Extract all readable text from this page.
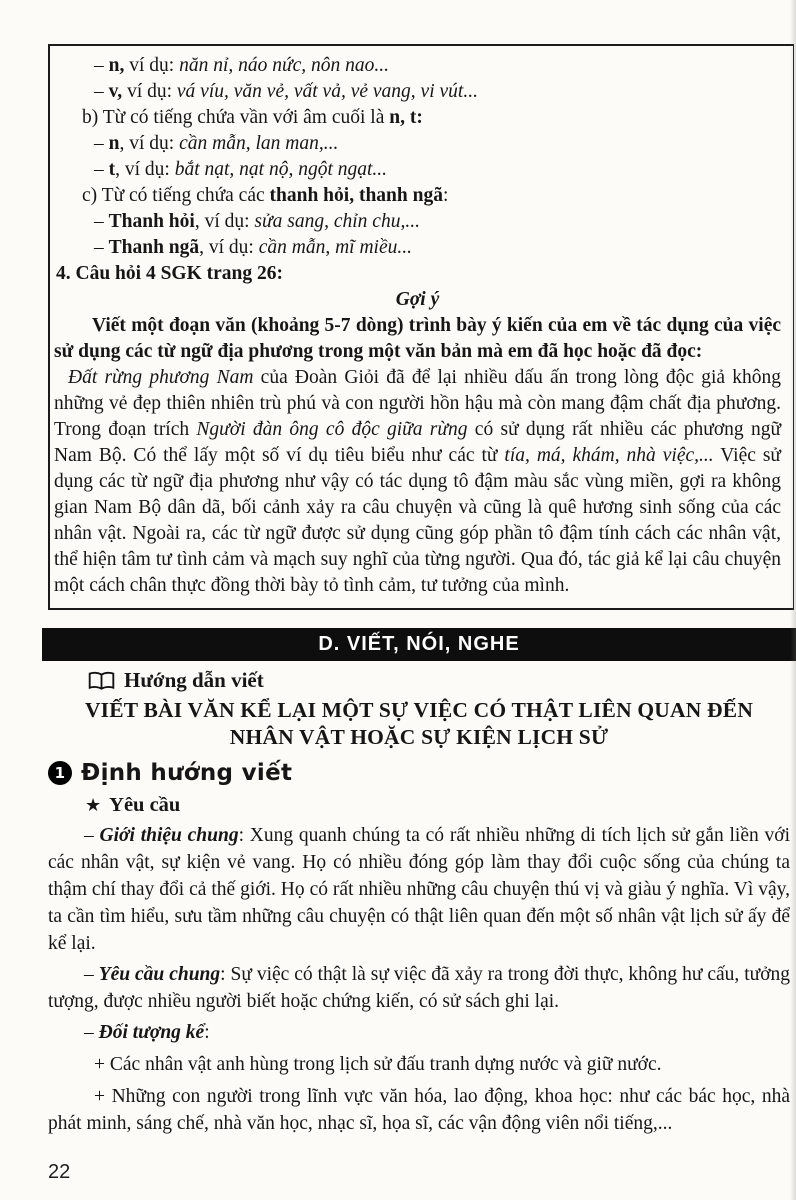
– n, ví dụ: năn nỉ, náo nức, nôn nao...

– v, ví dụ: vá víu, văn vẻ, vất vả, vẻ vang, vi vút...

b) Từ có tiếng chứa vần với âm cuối là n, t:

– n, ví dụ: cần mẫn, lan man,...

– t, ví dụ: bắt nạt, nạt nộ, ngột ngạt...

c) Từ có tiếng chứa các thanh hỏi, thanh ngã:

– Thanh hỏi, ví dụ: sửa sang, chỉn chu,...

– Thanh ngã, ví dụ: cần mẫn, mĩ miều...

4. Câu hỏi 4 SGK trang 26:

Gợi ý

Viết một đoạn văn (khoảng 5-7 dòng) trình bày ý kiến của em về tác dụng của việc sử dụng các từ ngữ địa phương trong một văn bản mà em đã học hoặc đã đọc:

Đất rừng phương Nam của Đoàn Giỏi đã để lại nhiều dấu ấn trong lòng độc giả không những vẻ đẹp thiên nhiên trù phú và con người hồn hậu mà còn mang đậm chất địa phương. Trong đoạn trích Người đàn ông cô độc giữa rừng có sử dụng rất nhiều các phương ngữ Nam Bộ. Có thể lấy một số ví dụ tiêu biểu như các từ tía, má, khám, nhà việc,... Việc sử dụng các từ ngữ địa phương như vậy có tác dụng tô đậm màu sắc vùng miền, gợi ra không gian Nam Bộ dân dã, bối cảnh xảy ra câu chuyện và cũng là quê hương sinh sống của các nhân vật. Ngoài ra, các từ ngữ được sử dụng cũng góp phần tô đậm tính cách các nhân vật, thể hiện tâm tư tình cảm và mạch suy nghĩ của từng người. Qua đó, tác giả kể lại câu chuyện một cách chân thực đồng thời bày tỏ tình cảm, tư tưởng của mình.

D. VIẾT, NÓI, NGHE
Hướng dẫn viết
VIẾT BÀI VĂN KỂ LẠI MỘT SỰ VIỆC CÓ THẬT LIÊN QUAN ĐẾN
NHÂN VẬT HOẶC SỰ KIỆN LỊCH SỬ
1 Định hướng viết
★ Yêu cầu

– Giới thiệu chung: Xung quanh chúng ta có rất nhiều những di tích lịch sử gắn liền với các nhân vật, sự kiện vẻ vang. Họ có nhiều đóng góp làm thay đổi cuộc sống của chúng ta thậm chí thay đổi cả thế giới. Họ có rất nhiều những câu chuyện thú vị và giàu ý nghĩa. Vì vậy, ta cần tìm hiểu, sưu tầm những câu chuyện có thật liên quan đến một số nhân vật lịch sử ấy để kể lại.

– Yêu cầu chung: Sự việc có thật là sự việc đã xảy ra trong đời thực, không hư cấu, tưởng tượng, được nhiều người biết hoặc chứng kiến, có sử sách ghi lại.

– Đối tượng kể:

+ Các nhân vật anh hùng trong lịch sử đấu tranh dựng nước và giữ nước.

+ Những con người trong lĩnh vực văn hóa, lao động, khoa học: như các bác học, nhà phát minh, sáng chế, nhà văn học, nhạc sĩ, họa sĩ, các vận động viên nổi tiếng,...

22
